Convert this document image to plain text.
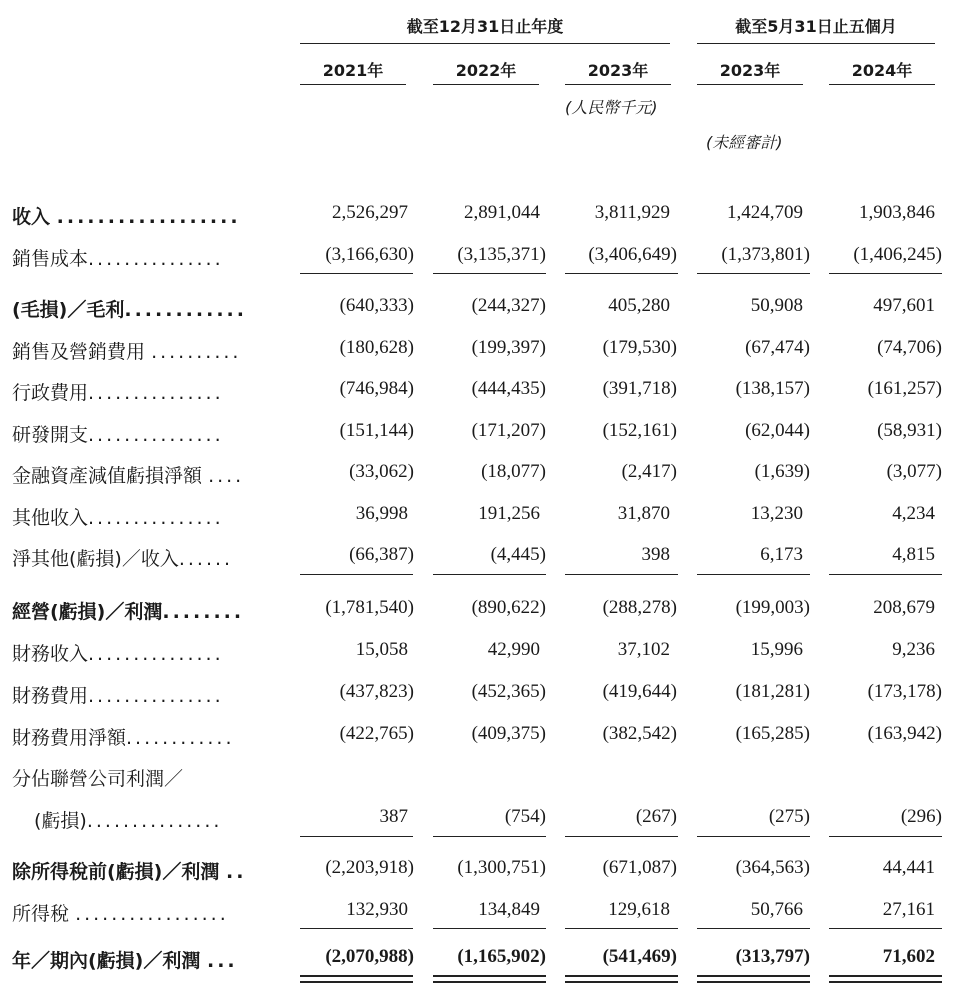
截至12月31日止年度	截至5月31日止五個月
2021年	2022年	2023年	2023年	2024年
(人民幣千元)
(未經審計)
收入 ..................	2,526,297	2,891,044	3,811,929	1,424,709	1,903,846
銷售成本...............	(3,166,630) (3,135,371) (3,406,649) (1,373,801) (1,406,245)
(毛損)／毛利............	(640,333)	(244,327)	405,280	50,908	497,601
銷售及營銷費用 ..........	(180,628)	(199,397)	(179,530)	(67,474)	(74,706)
行政費用...............	(746,984)	(444,435)	(391,718)	(138,157)	(161,257)
研發開支...............	(151,144)	(171,207)	(152,161)	(62,044)	(58,931)
金融資產減值虧損淨額 ....	(33,062)	(18,077)	(2,417)	(1,639)	(3,077)
其他收入...............	36,998	191,256	31,870	13,230	4,234
淨其他(虧損)／收入......	(66,387)	(4,445)	398	6,173	4,815
經營(虧損)／利潤........	(1,781,540)	(890,622)	(288,278)	(199,003)	208,679
財務收入...............	15,058	42,990	37,102	15,996	9,236
財務費用...............	(437,823)	(452,365)	(419,644)	(181,281)	(173,178)
財務費用淨額............	(422,765)	(409,375)	(382,542)	(165,285)	(163,942)
分佔聯營公司利潤／
(虧損)...............	387	(754)	(267)	(275)	(296)
除所得稅前(虧損)／利潤 ..	(2,203,918) (1,300,751)	(671,087)	(364,563)	44,441
所得稅 .................	132,930	134,849	129,618	50,766	27,161
年／期內(虧損)／利潤 ...	(2,070,988) (1,165,902)	(541,469)	(313,797)	71,602
